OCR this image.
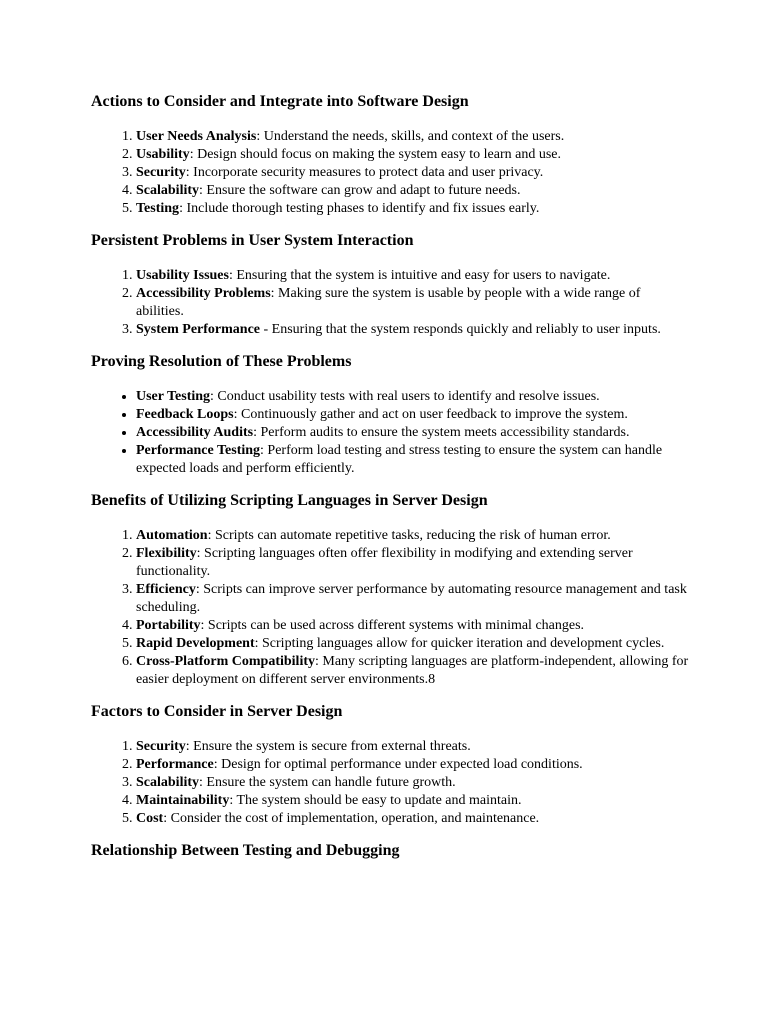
Actions to Consider and Integrate into Software Design
1. User Needs Analysis: Understand the needs, skills, and context of the users.
2. Usability: Design should focus on making the system easy to learn and use.
3. Security: Incorporate security measures to protect data and user privacy.
4. Scalability: Ensure the software can grow and adapt to future needs.
5. Testing: Include thorough testing phases to identify and fix issues early.
Persistent Problems in User System Interaction
1. Usability Issues: Ensuring that the system is intuitive and easy for users to navigate.
2. Accessibility Problems: Making sure the system is usable by people with a wide range of abilities.
3. System Performance - Ensuring that the system responds quickly and reliably to user inputs.
Proving Resolution of These Problems
• User Testing: Conduct usability tests with real users to identify and resolve issues.
• Feedback Loops: Continuously gather and act on user feedback to improve the system.
• Accessibility Audits: Perform audits to ensure the system meets accessibility standards.
• Performance Testing: Perform load testing and stress testing to ensure the system can handle expected loads and perform efficiently.
Benefits of Utilizing Scripting Languages in Server Design
1. Automation: Scripts can automate repetitive tasks, reducing the risk of human error.
2. Flexibility: Scripting languages often offer flexibility in modifying and extending server functionality.
3. Efficiency: Scripts can improve server performance by automating resource management and task scheduling.
4. Portability: Scripts can be used across different systems with minimal changes.
5. Rapid Development: Scripting languages allow for quicker iteration and development cycles.
6. Cross-Platform Compatibility: Many scripting languages are platform-independent, allowing for easier deployment on different server environments.8
Factors to Consider in Server Design
1. Security: Ensure the system is secure from external threats.
2. Performance: Design for optimal performance under expected load conditions.
3. Scalability: Ensure the system can handle future growth.
4. Maintainability: The system should be easy to update and maintain.
5. Cost: Consider the cost of implementation, operation, and maintenance.
Relationship Between Testing and Debugging
